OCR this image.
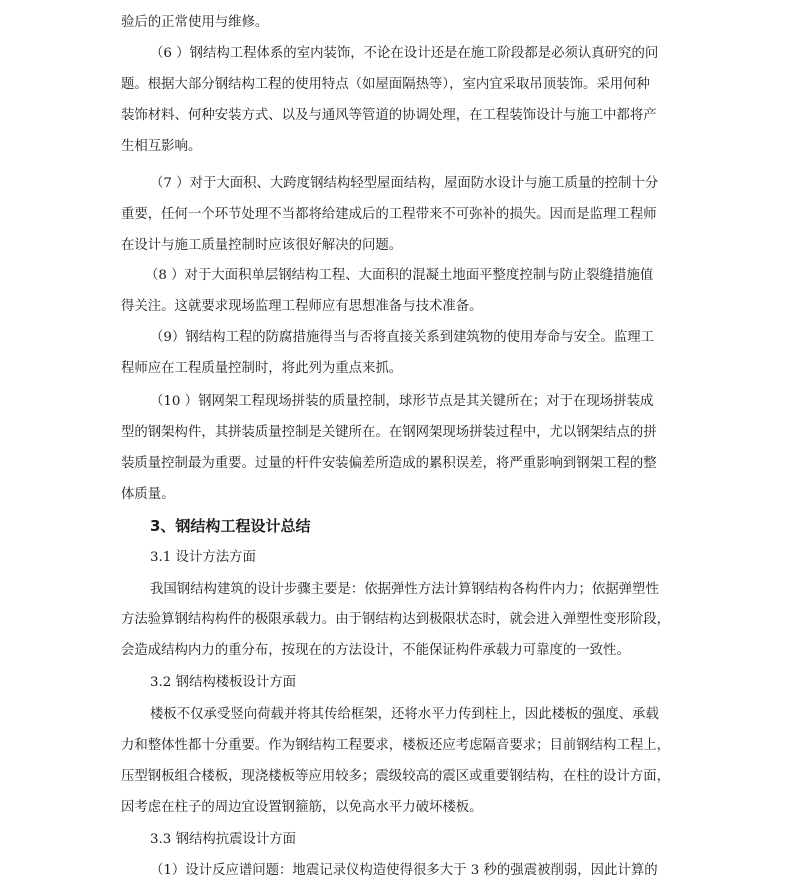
验后的正常使用与维修。
（6 ）钢结构工程体系的室内装饰，不论在设计还是在施工阶段都是必须认真研究的问
题。根据大部分钢结构工程的使用特点（如屋面隔热等），室内宜采取吊顶装饰。采用何种
装饰材料、何种安装方式、以及与通风等管道的协调处理，在工程装饰设计与施工中都将产
生相互影响。
（7 ）对于大面积、大跨度钢结构轻型屋面结构，屋面防水设计与施工质量的控制十分
重要，任何一个环节处理不当都将给建成后的工程带来不可弥补的损失。因而是监理工程师
在设计与施工质量控制时应该很好解决的问题。
（8 ）对于大面积单层钢结构工程、大面积的混凝土地面平整度控制与防止裂缝措施值
得关注。这就要求现场监理工程师应有思想准备与技术准备。
（9）钢结构工程的防腐措施得当与否将直接关系到建筑物的使用寿命与安全。监理工
程师应在工程质量控制时，将此列为重点来抓。
（10 ）钢网架工程现场拼装的质量控制，球形节点是其关键所在；对于在现场拼装成
型的钢架构件，其拼装质量控制是关键所在。在钢网架现场拼装过程中，尤以钢架结点的拼
装质量控制最为重要。过量的杆件安装偏差所造成的累积误差，将严重影响到钢架工程的整
体质量。
3、钢结构工程设计总结
3.1 设计方法方面
我国钢结构建筑的设计步骤主要是：依据弹性方法计算钢结构各构件内力；依据弹塑性
方法验算钢结构构件的极限承载力。由于钢结构达到极限状态时，就会进入弹塑性变形阶段，
会造成结构内力的重分布，按现在的方法设计，不能保证构件承载力可靠度的一致性。
3.2 钢结构楼板设计方面
楼板不仅承受竖向荷载并将其传给框架，还将水平力传到柱上，因此楼板的强度、承载
力和整体性都十分重要。作为钢结构工程要求，楼板还应考虑隔音要求；目前钢结构工程上，
压型钢板组合楼板，现浇楼板等应用较多；震级较高的震区或重要钢结构，在柱的设计方面，
因考虑在柱子的周边宜设置钢箍筋，以免高水平力破坏楼板。
3.3 钢结构抗震设计方面
（1）设计反应谱问题：地震记录仪构造使得很多大于 3 秒的强震被削弱，因此计算的
